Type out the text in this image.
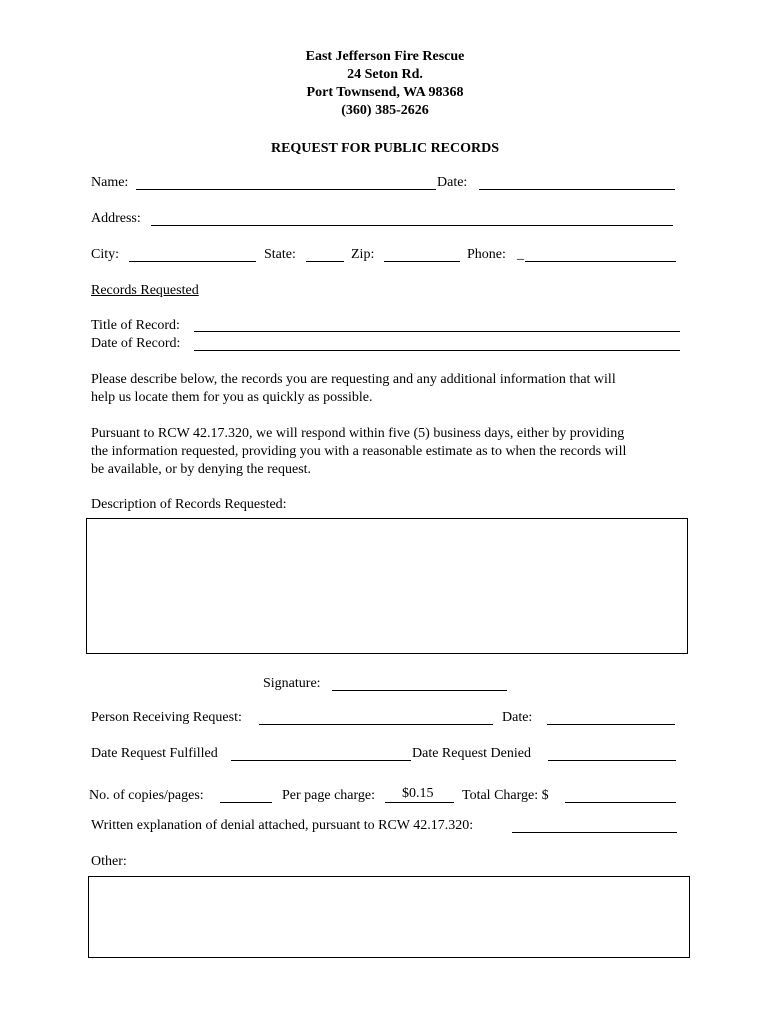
East Jefferson Fire Rescue
24 Seton Rd.
Port Townsend, WA 98368
(360) 385-2626
REQUEST FOR PUBLIC RECORDS
Name:	Date:
Address:
City:	State:	Zip:	Phone: _
Records Requested
Title of Record:
Date of Record:
Please describe below, the records you are requesting and any additional information that will
help us locate them for you as quickly as possible.
Pursuant to RCW 42.17.320, we will respond within five (5) business days, either by providing
the information requested, providing you with a reasonable estimate as to when the records will
be available, or by denying the request.
Description of Records Requested:
Signature:
Person Receiving Request:	Date:
Date Request Fulfilled	Date Request Denied
No. of copies/pages:	Per page charge: $0.15 Total Charge: $
Written explanation of denial attached, pursuant to RCW 42.17.320:
Other:
